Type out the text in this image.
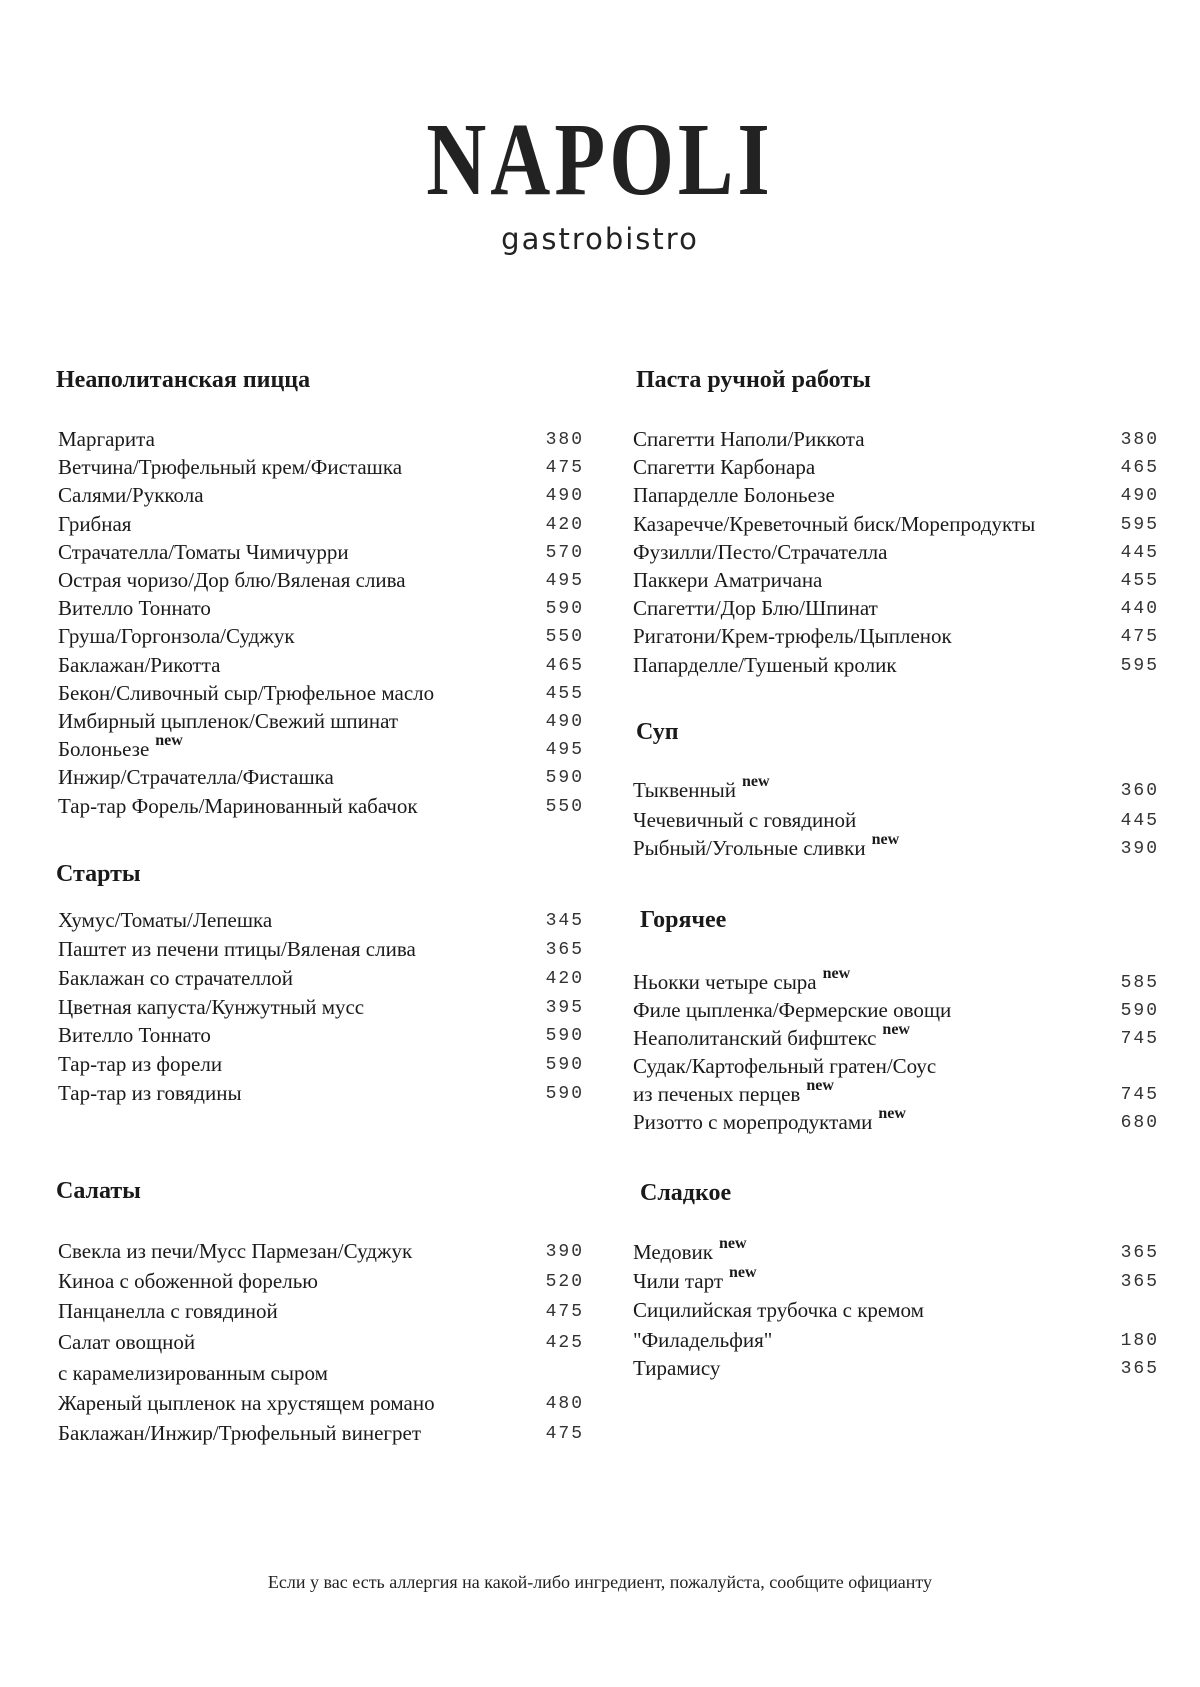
NAPOLI
gastrobistro
Неаполитанская пицца
Старты
Салаты
Паста ручной работы
Суп
Горячее
Сладкое
Маргарита	380
Ветчина/Трюфельный крем/Фисташка	475
Салями/Руккола	490
Грибная	420
Страчателла/Томаты Чимичурри	570
Острая чоризо/Дор блю/Вяленая слива	495
Вителло Тоннато	590
Груша/Горгонзола/Суджук	550
Баклажан/Рикотта	465
Бекон/Сливочный сыр/Трюфельное масло	455
Имбирный цыпленок/Свежий шпинат	490
Болоньезе $^{new}$	495
Инжир/Страчателла/Фисташка	590
Тар-тар Форель/Маринованный кабачок	550
Хумус/Томаты/Лепешка	345
Паштет из печени птицы/Вяленая слива	365
Баклажан со страчателлой	420
Цветная капуста/Кунжутный мусс	395
Вителло Тоннато	590
Тар-тар из форели	590
Тар-тар из говядины	590
Свекла из печи/Мусс Пармезан/Суджук	390
Киноа с обоженной форелью	520
Панцанелла с говядиной	475
Салат овощной	425
с карамелизированным сыром
Жареный цыпленок на хрустящем романо	480
Баклажан/Инжир/Трюфельный винегрет	475
Спагетти Наполи/Риккота	380
Спагетти Карбонара	465
Папарделле Болоньезе	490
Казаречче/Креветочный биск/Морепродукты	595
Фузилли/Песто/Страчателла	445
Паккери Аматричана	455
Спагетти/Дор Блю/Шпинат	440
Ригатони/Крем-трюфель/Цыпленок	475
Папарделле/Тушеный кролик	595
Тыквенный $^{new}$	360
Чечевичный с говядиной	445
Рыбный/Угольные сливки $^{new}$	390
Ньокки четыре сыра $^{new}$	585
Филе цыпленка/Фермерские овощи	590
Неаполитанский бифштекс $^{new}$	745
Судак/Картофельный гратен/Соус
из печеных перцев $^{new}$	745
Ризотто с морепродуктами $^{new}$	680
Медовик $^{new}$	365
Чили тарт $^{new}$	365
Сицилийская трубочка с кремом
"Филадельфия"	180
Тирамису	365
Если у вас есть аллергия на какой-либо ингредиент, пожалуйста, сообщите официанту
